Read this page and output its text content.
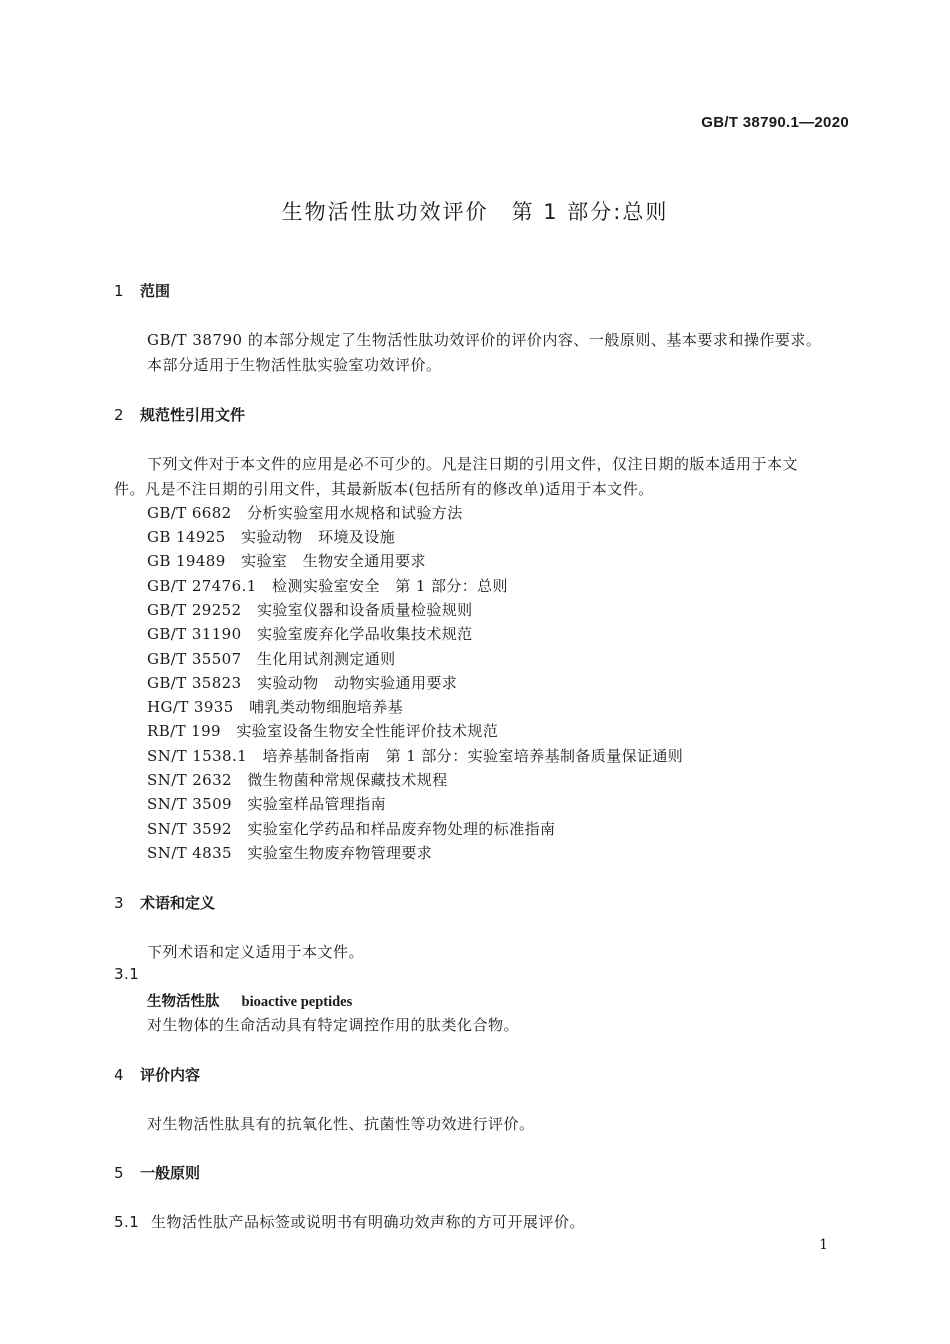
GB/T 38790.1—2020
生物活性肽功效评价　第 1 部分:总则
1 范围
GB/T 38790 的本部分规定了生物活性肽功效评价的评价内容、一般原则、基本要求和操作要求。
本部分适用于生物活性肽实验室功效评价。
2 规范性引用文件
下列文件对于本文件的应用是必不可少的。凡是注日期的引用文件，仅注日期的版本适用于本文
件。凡是不注日期的引用文件，其最新版本(包括所有的修改单)适用于本文件。
GB/T 6682　分析实验室用水规格和试验方法
GB 14925　实验动物　环境及设施
GB 19489　实验室　生物安全通用要求
GB/T 27476.1　检测实验室安全　第 1 部分：总则
GB/T 29252　实验室仪器和设备质量检验规则
GB/T 31190　实验室废弃化学品收集技术规范
GB/T 35507　生化用试剂测定通则
GB/T 35823　实验动物　动物实验通用要求
HG/T 3935　哺乳类动物细胞培养基
RB/T 199　实验室设备生物安全性能评价技术规范
SN/T 1538.1　培养基制备指南　第 1 部分：实验室培养基制备质量保证通则
SN/T 2632　微生物菌种常规保藏技术规程
SN/T 3509　实验室样品管理指南
SN/T 3592　实验室化学药品和样品废弃物处理的标准指南
SN/T 4835　实验室生物废弃物管理要求
3 术语和定义
下列术语和定义适用于本文件。
3.1
生物活性肽 bioactive peptides
对生物体的生命活动具有特定调控作用的肽类化合物。
4 评价内容
对生物活性肽具有的抗氧化性、抗菌性等功效进行评价。
5 一般原则
5.1 生物活性肽产品标签或说明书有明确功效声称的方可开展评价。
1
